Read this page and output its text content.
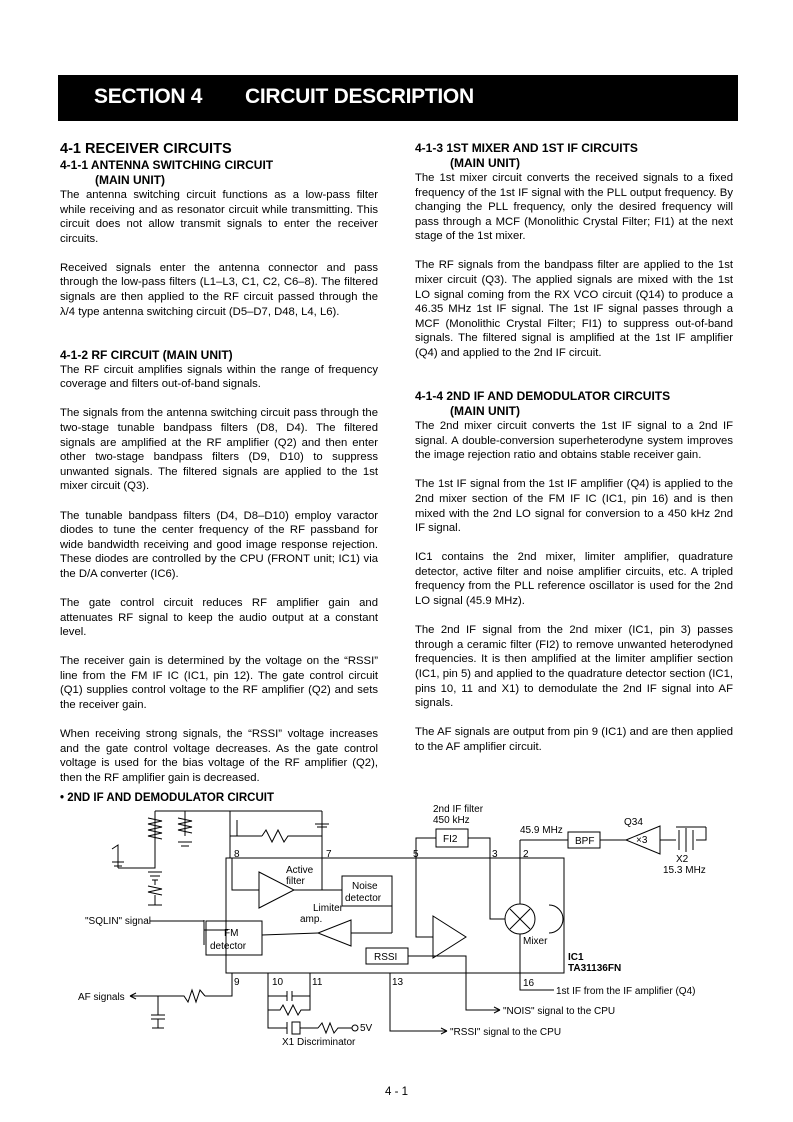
SECTION 4 CIRCUIT DESCRIPTION
4-1 RECEIVER CIRCUITS
4-1-1 ANTENNA SWITCHING CIRCUIT
(MAIN UNIT)

The antenna switching circuit functions as a low-pass filter while receiving and as resonator circuit while transmitting. This circuit does not allow transmit signals to enter the receiver circuits.

Received signals enter the antenna connector and pass through the low-pass filters (L1–L3, C1, C2, C6–8). The filtered signals are then applied to the RF circuit passed through the λ/4 type antenna switching circuit (D5–D7, D48, L4, L6).

4-1-2 RF CIRCUIT (MAIN UNIT)

The RF circuit amplifies signals within the range of frequency coverage and filters out-of-band signals.

The signals from the antenna switching circuit pass through the two-stage tunable bandpass filters (D8, D4). The filtered signals are amplified at the RF amplifier (Q2) and then enter other two-stage bandpass filters (D9, D10) to suppress unwanted signals. The filtered signals are applied to the 1st mixer circuit (Q3).

The tunable bandpass filters (D4, D8–D10) employ varactor diodes to tune the center frequency of the RF passband for wide bandwidth receiving and good image response rejection. These diodes are controlled by the CPU (FRONT unit; IC1) via the D/A converter (IC6).

The gate control circuit reduces RF amplifier gain and attenuates RF signal to keep the audio output at a constant level.

The receiver gain is determined by the voltage on the “RSSI” line from the FM IF IC (IC1, pin 12). The gate control circuit (Q1) supplies control voltage to the RF amplifier (Q2) and sets the receiver gain.

When receiving strong signals, the “RSSI” voltage increases and the gate control voltage decreases. As the gate control voltage is used for the bias voltage of the RF amplifier (Q2), then the RF amplifier gain is decreased.

4-1-3 1ST MIXER AND 1ST IF CIRCUITS
(MAIN UNIT)

The 1st mixer circuit converts the received signals to a fixed frequency of the 1st IF signal with the PLL output frequency. By changing the PLL frequency, only the desired frequency will pass through a MCF (Monolithic Crystal Filter; FI1) at the next stage of the 1st mixer.

The RF signals from the bandpass filter are applied to the 1st mixer circuit (Q3). The applied signals are mixed with the 1st LO signal coming from the RX VCO circuit (Q14) to produce a 46.35 MHz 1st IF signal. The 1st IF signal passes through a MCF (Monolithic Crystal Filter; FI1) to suppress out-of-band signals. The filtered signal is amplified at the 1st IF amplifier (Q4) and applied to the 2nd IF circuit.

4-1-4 2ND IF AND DEMODULATOR CIRCUITS
(MAIN UNIT)

The 2nd mixer circuit converts the 1st IF signal to a 2nd IF signal. A double-conversion superheterodyne system improves the image rejection ratio and obtains stable receiver gain.

The 1st IF signal from the 1st IF amplifier (Q4) is applied to the 2nd mixer section of the FM IF IC (IC1, pin 16) and is then mixed with the 2nd LO signal for conversion to a 450 kHz 2nd IF signal.

IC1 contains the 2nd mixer, limiter amplifier, quadrature detector, active filter and noise amplifier circuits, etc. A tripled frequency from the PLL reference oscillator is used for the 2nd LO signal (45.9 MHz).

The 2nd IF signal from the 2nd mixer (IC1, pin 3) passes through a ceramic filter (FI2) to remove unwanted heterodyned frequencies. It is then amplified at the limiter amplifier section (IC1, pin 5) and applied to the quadrature detector section (IC1, pins 10, 11 and X1) to demodulate the 2nd IF signal into AF signals.

The AF signals are output from pin 9 (IC1) and are then applied to the AF amplifier circuit.

• 2ND IF AND DEMODULATOR CIRCUIT
2nd IF filter
450 kHz
FI2
45.9 MHz
BPF
Q34
×3
X2
15.3 MHz
Active
filter	Noise
detector
Limiter
amp.
FM
detector
RSSI
Mixer
IC1
TA31136FN
"SQLIN" signal
AF signals
8	7	5	3	2
9	10	11	13	16
5V
X1 Discriminator
1st IF from the IF amplifier (Q4)
"NOIS" signal to the CPU
"RSSI" signal to the CPU
4 - 1
